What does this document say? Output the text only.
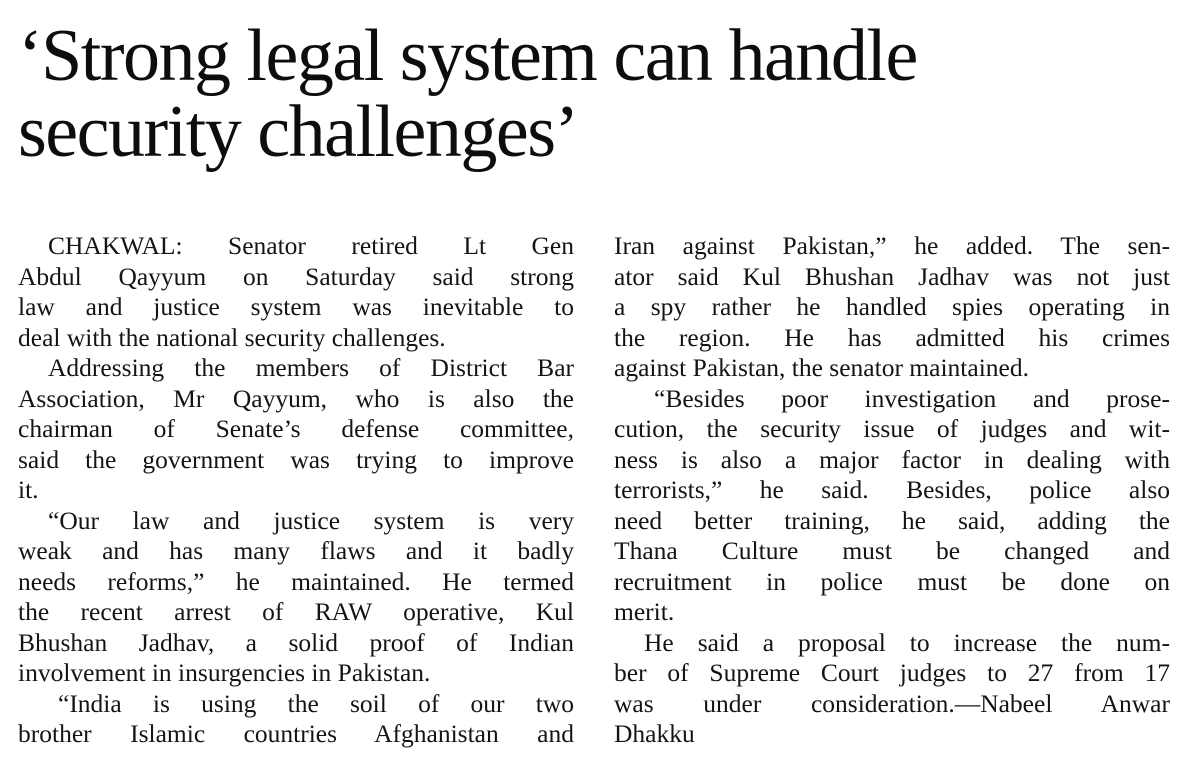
‘Strong legal system can handle
security challenges’
CHAKWAL: Senator retired Lt Gen
Abdul Qayyum on Saturday said strong
law and justice system was inevitable to
deal with the national security challenges.
Addressing the members of District Bar
Association, Mr Qayyum, who is also the
chairman of Senate’s defense committee,
said the government was trying to improve
it.
“Our law and justice system is very
weak and has many flaws and it badly
needs reforms,” he maintained. He termed
the recent arrest of RAW operative, Kul
Bhushan Jadhav, a solid proof of Indian
involvement in insurgencies in Pakistan.
“India is using the soil of our two
brother Islamic countries Afghanistan and
Iran against Pakistan,” he added. The sen-
ator said Kul Bhushan Jadhav was not just
a spy rather he handled spies operating in
the region. He has admitted his crimes
against Pakistan, the senator maintained.
“Besides poor investigation and prose-
cution, the security issue of judges and wit-
ness is also a major factor in dealing with
terrorists,” he said. Besides, police also
need better training, he said, adding the
Thana Culture must be changed and
recruitment in police must be done on
merit.
He said a proposal to increase the num-
ber of Supreme Court judges to 27 from 17
was under consideration.—Nabeel Anwar
Dhakku
